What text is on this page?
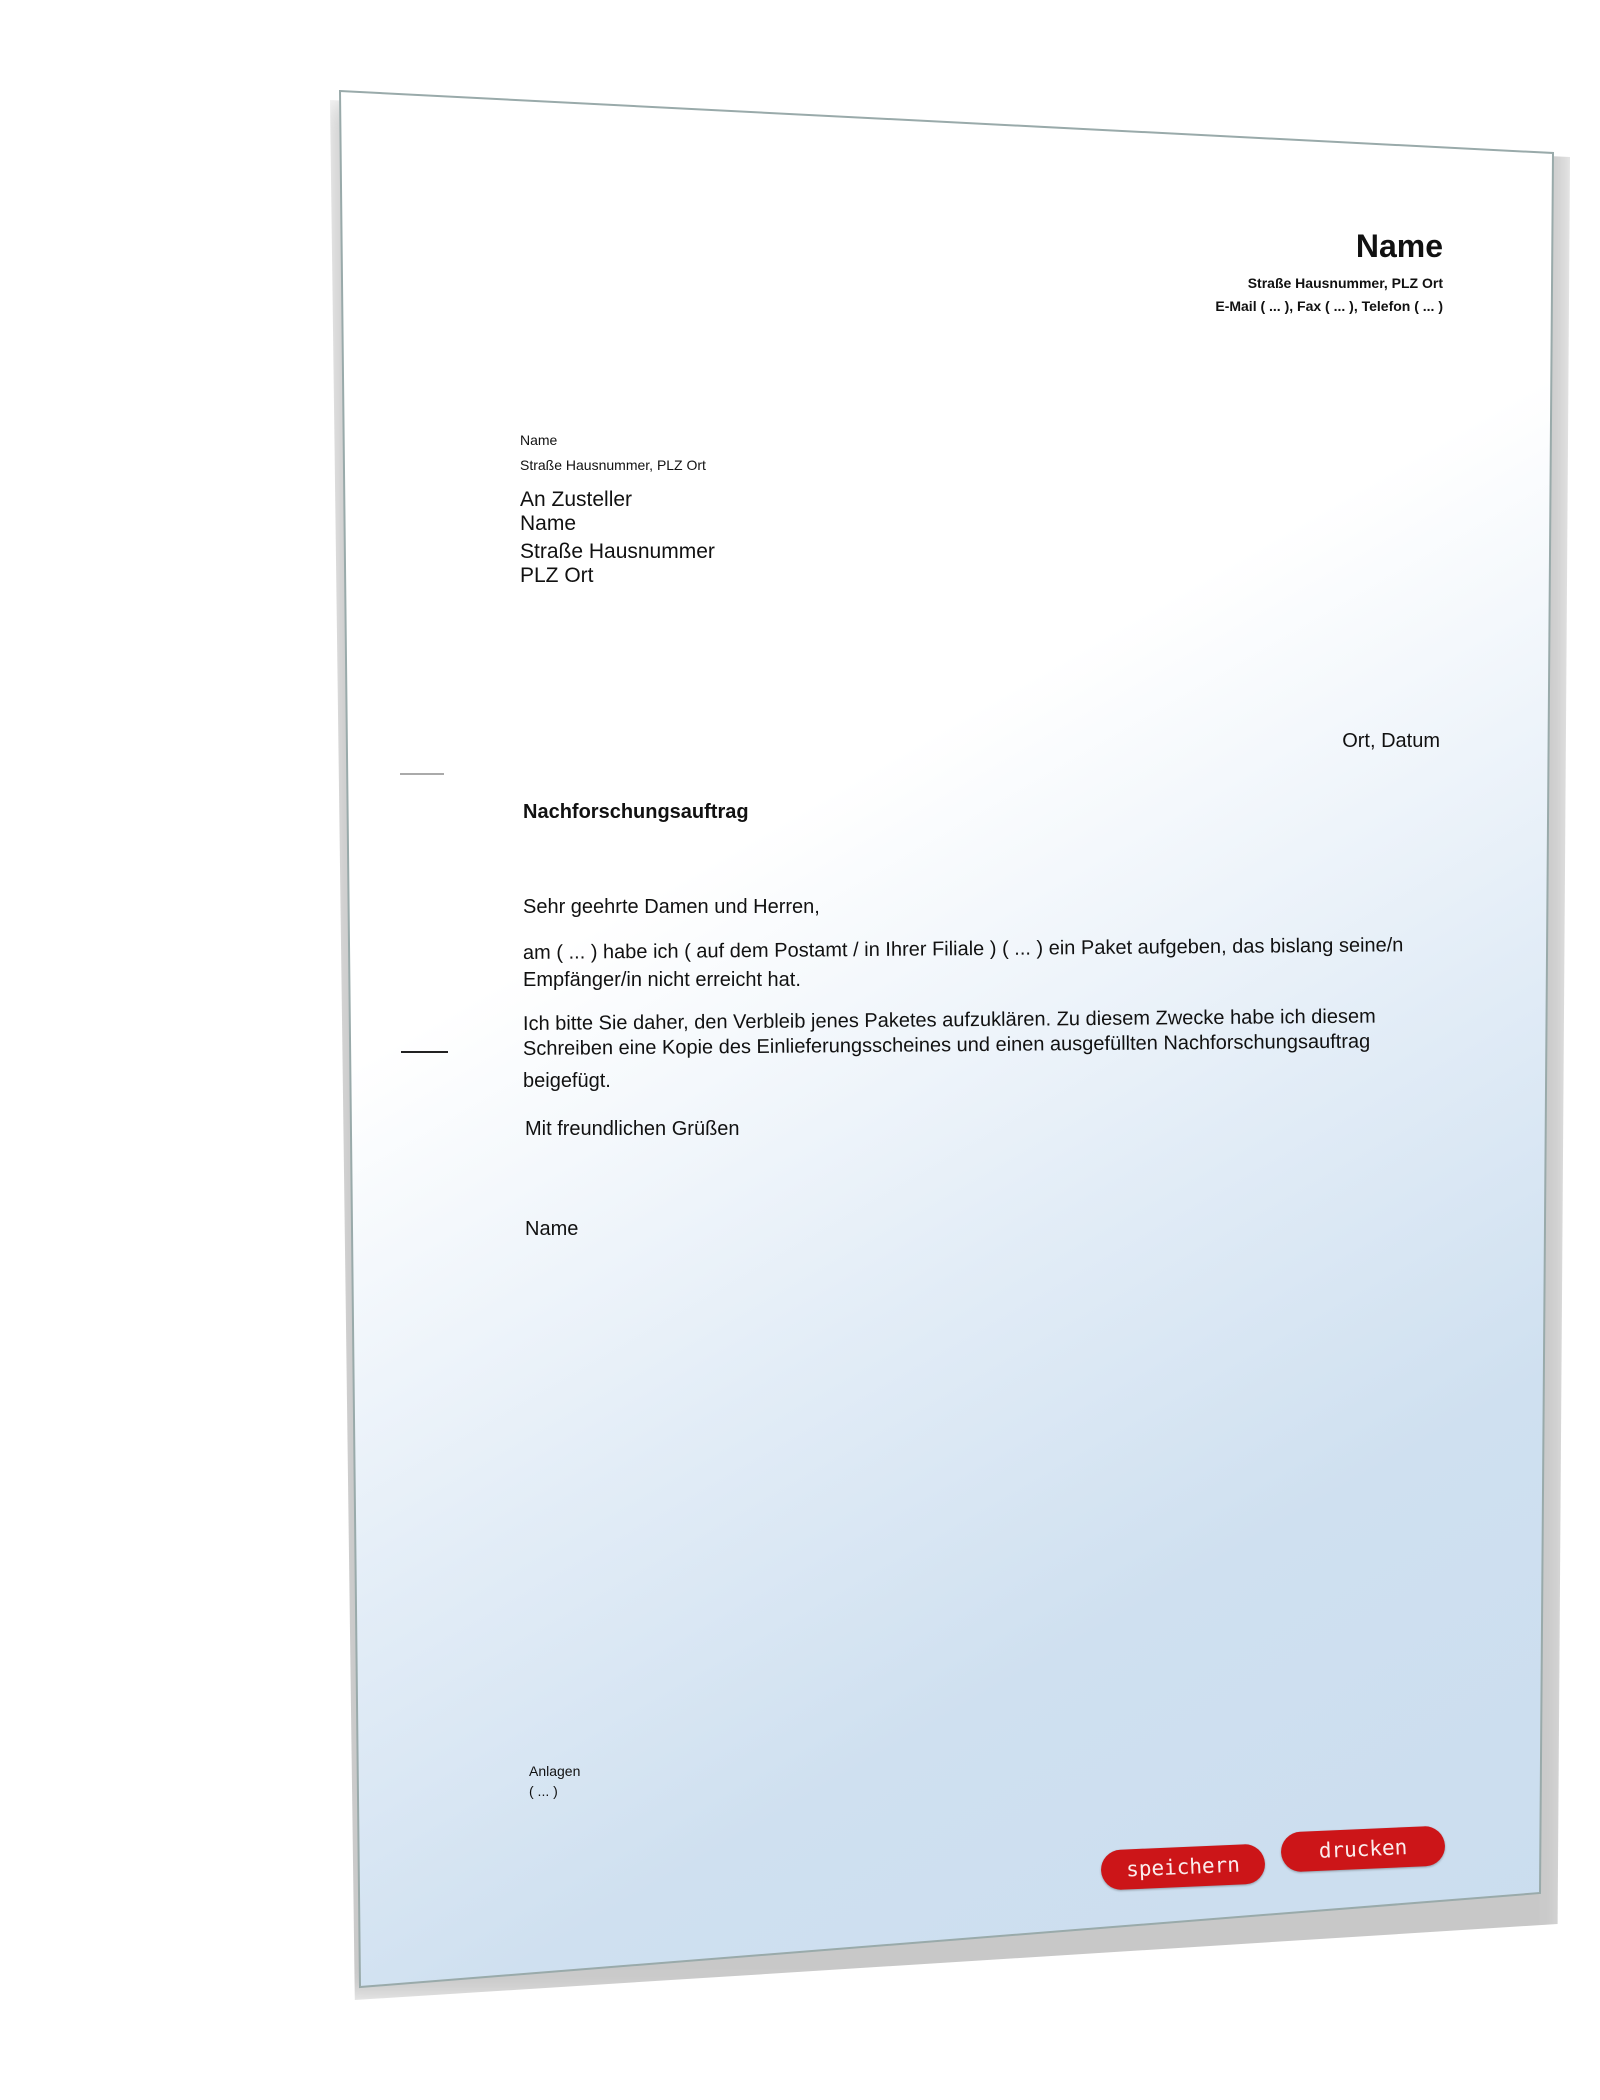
Name
Straße Hausnummer, PLZ Ort
E-Mail ( ... ), Fax ( ... ), Telefon ( ... )
Name
Straße Hausnummer, PLZ Ort
An Zusteller
Name
Straße Hausnummer
PLZ Ort
Ort, Datum
Nachforschungsauftrag
Sehr geehrte Damen und Herren,
am ( ... ) habe ich ( auf dem Postamt / in Ihrer Filiale ) ( ... ) ein Paket aufgeben, das bislang seine/n
Empfänger/in nicht erreicht hat.
Ich bitte Sie daher, den Verbleib jenes Paketes aufzuklären. Zu diesem Zwecke habe ich diesem
Schreiben eine Kopie des Einlieferungsscheines und einen ausgefüllten Nachforschungsauftrag
beigefügt.
Mit freundlichen Grüßen
Name
Anlagen
( ... )
speichern
drucken
